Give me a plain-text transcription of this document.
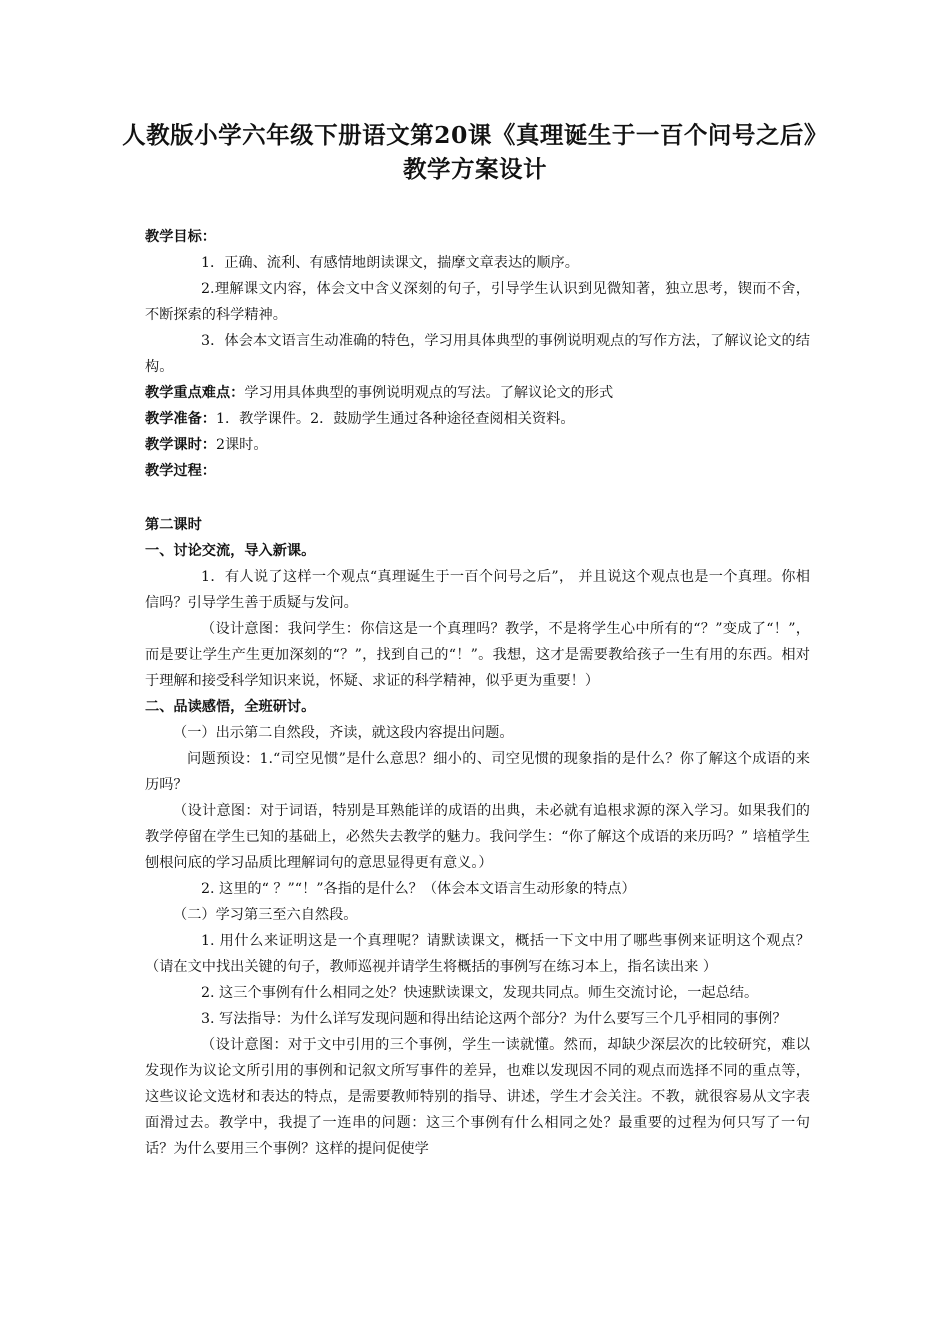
人教版小学六年级下册语文第20课《真理诞生于一百个问号之后》教学方案设计

教学目标：

1．正确、流利、有感情地朗读课文，揣摩文章表达的顺序。

2.理解课文内容，体会文中含义深刻的句子，引导学生认识到见微知著，独立思考，锲而不舍，不断探索的科学精神。

3．体会本文语言生动准确的特色，学习用具体典型的事例说明观点的写作方法，了解议论文的结构。

教学重点难点：学习用具体典型的事例说明观点的写法。了解议论文的形式

教学准备：1．教学课件。2．鼓励学生通过各种途径查阅相关资料。

教学课时：2课时。

教学过程：

第二课时

一、讨论交流，导入新课。

1．有人说了这样一个观点“真理诞生于一百个问号之后”， 并且说这个观点也是一个真理。你相信吗？引导学生善于质疑与发问。

（设计意图：我问学生：你信这是一个真理吗？教学，不是将学生心中所有的“？”变成了“！”，而是要让学生产生更加深刻的“？”，找到自己的“！”。我想，这才是需要教给孩子一生有用的东西。相对于理解和接受科学知识来说，怀疑、求证的科学精神，似乎更为重要！）

二、品读感悟，全班研讨。

（一）出示第二自然段，齐读，就这段内容提出问题。

问题预设：1.“司空见惯”是什么意思？细小的、司空见惯的现象指的是什么？你了解这个成语的来历吗？

（设计意图：对于词语，特别是耳熟能详的成语的出典，未必就有追根求源的深入学习。如果我们的教学停留在学生已知的基础上，必然失去教学的魅力。我问学生：“你了解这个成语的来历吗？” 培植学生刨根问底的学习品质比理解词句的意思显得更有意义。）

2. 这里的“ ？”“！”各指的是什么？（体会本文语言生动形象的特点）

（二）学习第三至六自然段。

1. 用什么来证明这是一个真理呢？请默读课文，概括一下文中用了哪些事例来证明这个观点？（请在文中找出关键的句子，教师巡视并请学生将概括的事例写在练习本上，指名读出来 ）

2. 这三个事例有什么相同之处？快速默读课文，发现共同点。师生交流讨论，一起总结。

3. 写法指导：为什么详写发现问题和得出结论这两个部分？为什么要写三个几乎相同的事例？

（设计意图：对于文中引用的三个事例，学生一读就懂。然而，却缺少深层次的比较研究，难以发现作为议论文所引用的事例和记叙文所写事件的差异，也难以发现因不同的观点而选择不同的重点等，这些议论文选材和表达的特点，是需要教师特别的指导、讲述，学生才会关注。不教，就很容易从文字表面滑过去。教学中，我提了一连串的问题：这三个事例有什么相同之处？最重要的过程为何只写了一句话？为什么要用三个事例？这样的提问促使学
